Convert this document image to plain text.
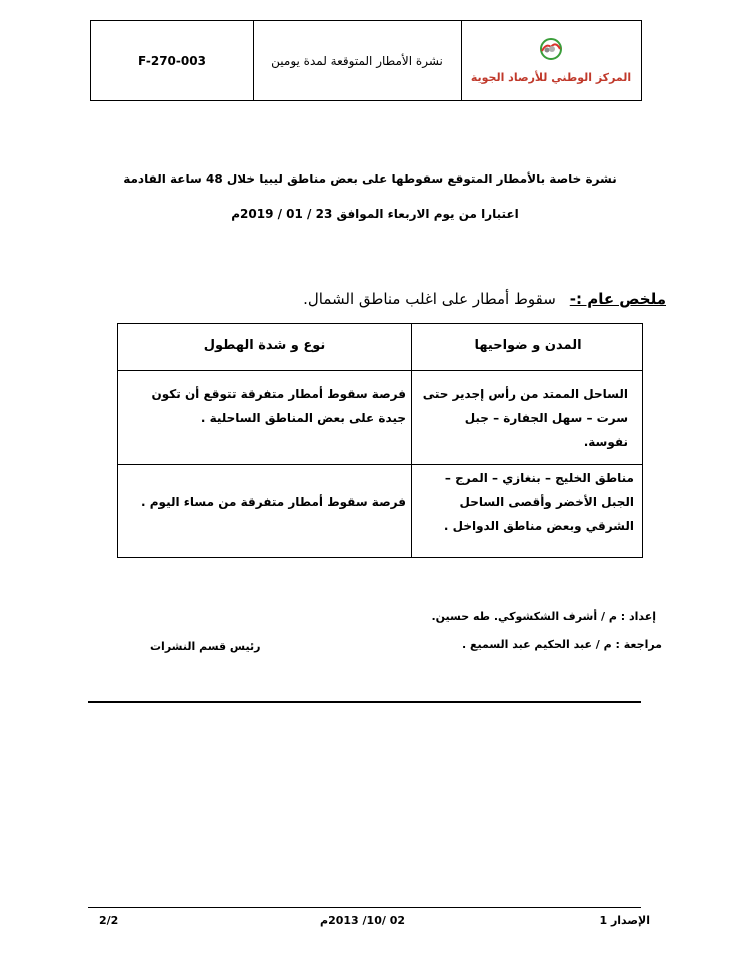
F-270-003	نشرة الأمطار المتوقعة لمدة يومين
المركز الوطني للأرصاد الجوية
نشرة خاصة بالأمطار المتوقع سقوطها على بعض مناطق ليبيا خلال 48 ساعة القادمة
اعتبارا من يوم الاربعاء الموافق 23 / 01 / 2019م
ملخص عام :-سقوط أمطار على اغلب مناطق الشمال.
المدن و ضواحيها
نوع و شدة الهطول
الساحل الممتد من رأس إجدير حتى سرت – سهل الجفارة – جبل نفوسة.
فرصة سقوط أمطار متفرقة تتوقع أن تكون جيدة على بعض المناطق الساحلية .
مناطق الخليج – بنغازي – المرج – الجبل الأخضر وأقصى الساحل الشرقي وبعض مناطق الدواخل .
فرصة سقوط أمطار متفرقة من مساء اليوم .
إعداد : م / أشرف الشكشوكي. طه حسين.
مراجعة : م / عبد الحكيم عبد السميع .
رئيس قسم النشرات
الإصدار 1
02 /10/ 2013م
2/2
